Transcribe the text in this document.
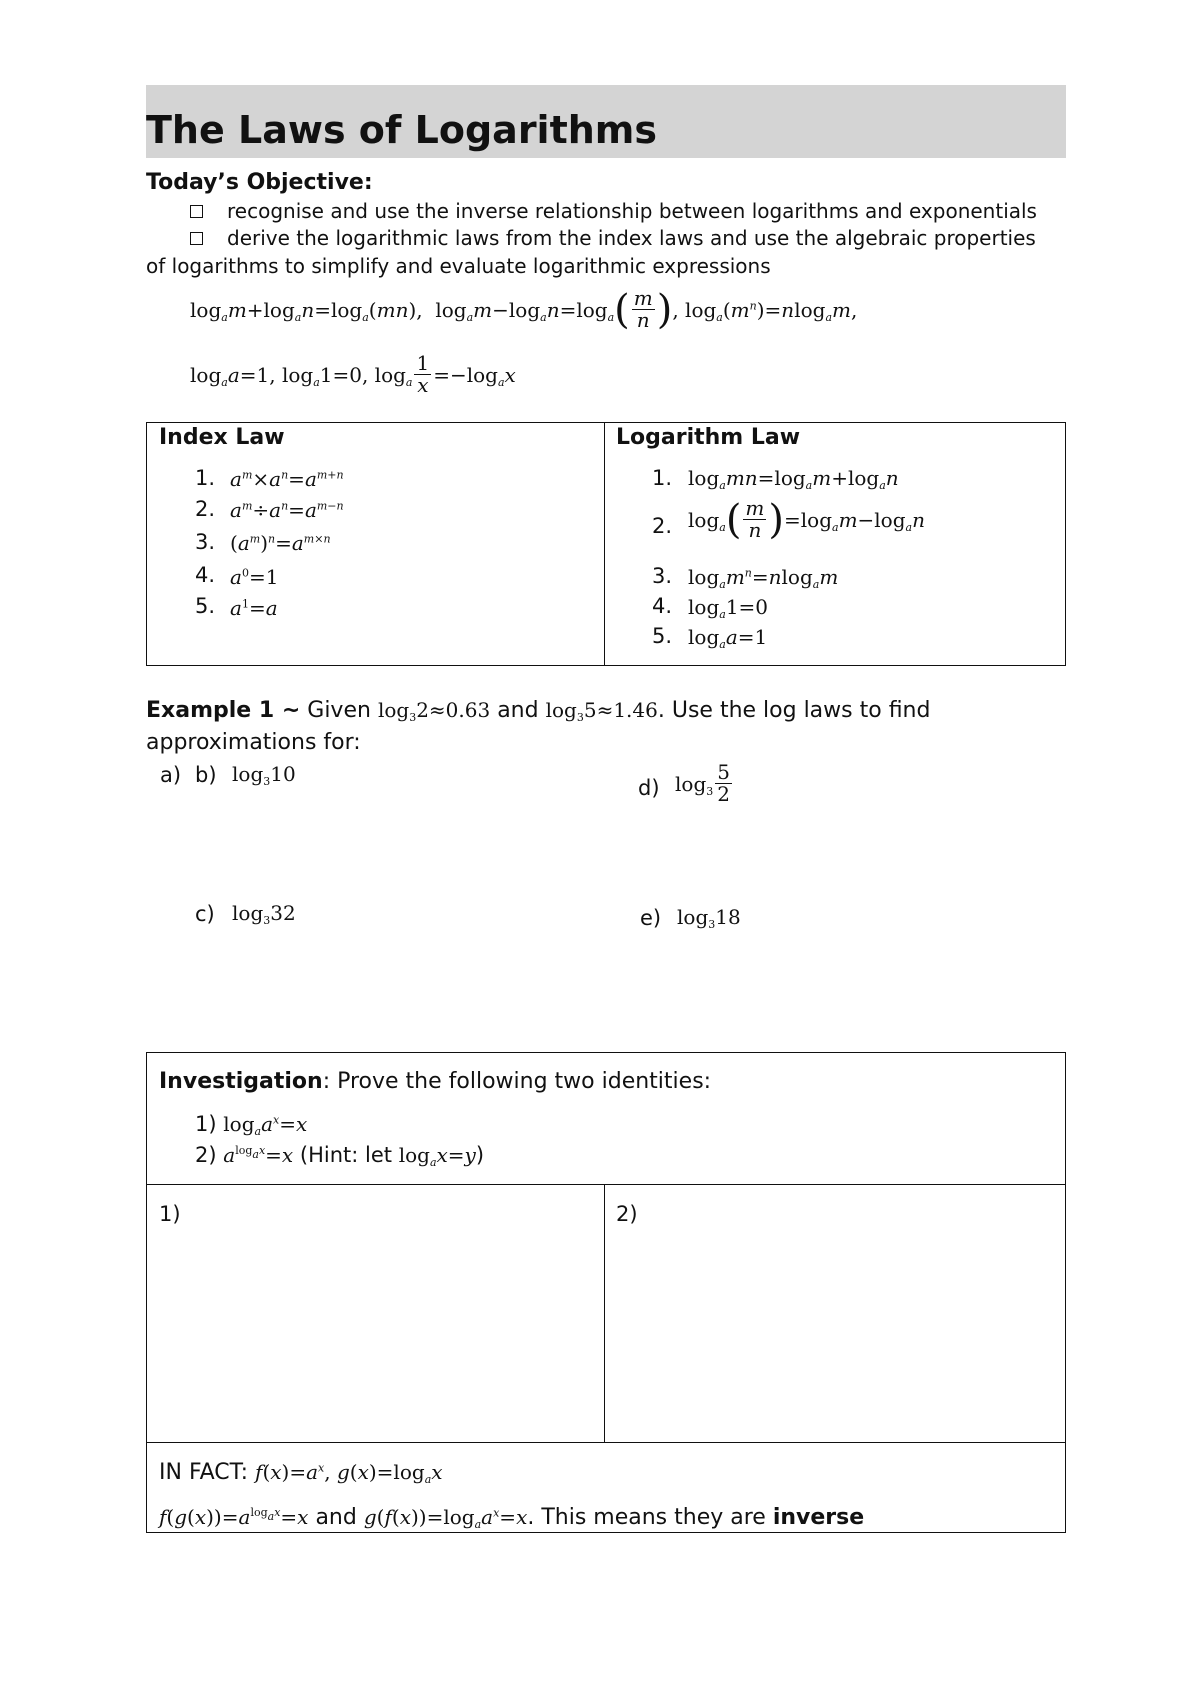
The Laws of Logarithms
Today’s Objective:
recognise and use the inverse relationship between logarithms and exponentials
derive the logarithmic laws from the index laws and use the algebraic properties
of logarithms to simplify and evaluate logarithmic expressions
$\log_am+\log_an=\log_a(mn)$,  $\log_am-\log_an=\log_a$ ( $\frac{m}{n}$ ) , $\log_a(m^n)=nlog_am$,
$\log_aa=1$, $\log_a1=0$, $\log_a \frac{1}{x} =-\log_ax$
Index Law	Logarithm Law
1. $a^m\times a^n=a^{m+n}$
2. $a^m\div a^n=a^{m-n}$
3. $(a^m)^n=a^{m\times n}$
4. $a^0=1$
5. $a^1=a$
1. $\log_amn=\log_am+\log_an$
2. $\log_a$ ( $\frac{m}{n}$ ) $=\log_am-\log_an$
3. $\log_am^n=nlog_am$
4. $\log_a1=0$
5. $\log_aa=1$
Example 1 ~ Given $\log_32\approx 0.63$ and $\log_35\approx 1.46$. Use the log laws to find
approximations for:
a) b) $\log_310$
d) $\log_3 \frac{5}{2}$
c) $\log_332$	e) $\log_318$
Investigation: Prove the following two identities:
1) $\log_aa^x=x$
2) $a^{log_ax}=x$ (Hint: let $\log_ax=y$)
1)	2)
IN FACT: $f(x)=a^x$, $g(x)=\log_ax$
$f(g(x))=a^{log_ax}=x$ and $g(f(x))=\log_aa^x=x$. This means they are inverse
